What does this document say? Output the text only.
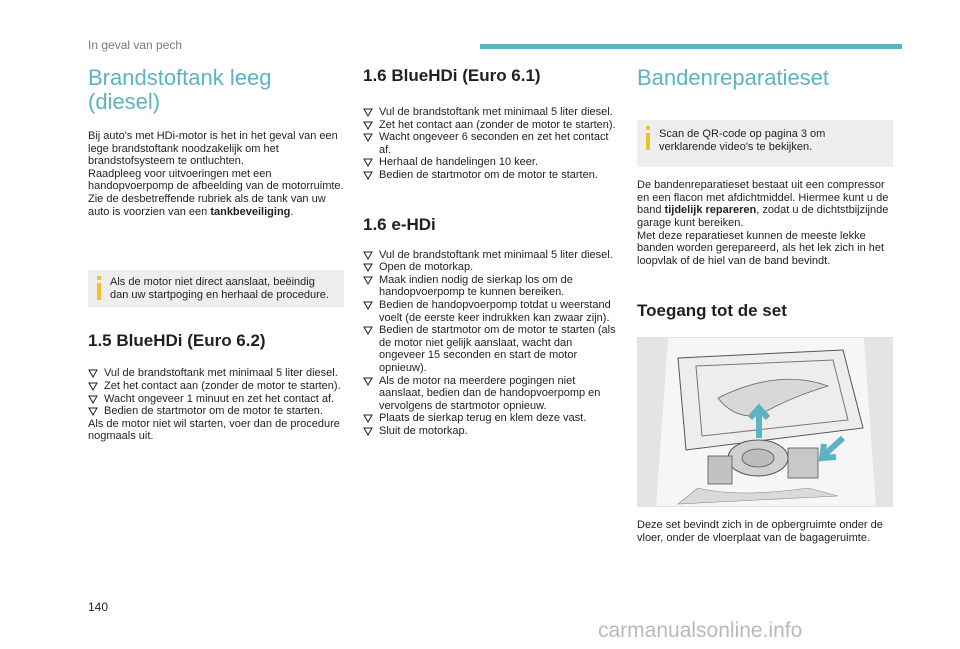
In geval van pech
Brandstoftank leeg (diesel)

Bij auto's met HDi-motor is het in het geval van een lege brandstoftank noodzakelijk om het brandstofsysteem te ontluchten.

Raadpleeg voor uitvoeringen met een handopvoerpomp de afbeelding van de motorruimte.

Zie de desbetreffende rubriek als de tank van uw auto is voorzien van een tankbeveiliging.

Als de motor niet direct aanslaat, beëindig dan uw startpoging en herhaal de procedure.

1.5 BlueHDi (Euro 6.2)
Vul de brandstoftank met minimaal 5 liter diesel.
Zet het contact aan (zonder de motor te starten).
Wacht ongeveer 1 minuut en zet het contact af.
Bedien de startmotor om de motor te starten.

Als de motor niet wil starten, voer dan de procedure nogmaals uit.

1.6 BlueHDi (Euro 6.1)
Vul de brandstoftank met minimaal 5 liter diesel.
Zet het contact aan (zonder de motor te starten).
Wacht ongeveer 6 seconden en zet het contact af.
Herhaal de handelingen 10 keer.
Bedien de startmotor om de motor te starten.
1.6 e-HDi
Vul de brandstoftank met minimaal 5 liter diesel.
Open de motorkap.
Maak indien nodig de sierkap los om de handopvoerpomp te kunnen bereiken.
Bedien de handopvoerpomp totdat u weerstand voelt (de eerste keer indrukken kan zwaar zijn).
Bedien de startmotor om de motor te starten (als de motor niet gelijk aanslaat, wacht dan ongeveer 15 seconden en start de motor opnieuw).
Als de motor na meerdere pogingen niet aanslaat, bedien dan de handopvoerpomp en vervolgens de startmotor opnieuw.
Plaats de sierkap terug en klem deze vast.
Sluit de motorkap.
Bandenreparatieset

Scan de QR-code op pagina 3 om verklarende video's te bekijken.

De bandenreparatieset bestaat uit een compressor en een flacon met afdichtmiddel. Hiermee kunt u de band tijdelijk repareren, zodat u de dichtstbijzijnde garage kunt bereiken.

Met deze reparatieset kunnen de meeste lekke banden worden gerepareerd, als het lek zich in het loopvlak of de hiel van de band bevindt.

Toegang tot de set

Deze set bevindt zich in de opbergruimte onder de vloer, onder de vloerplaat van de bagageruimte.

140
carmanualsonline.info
